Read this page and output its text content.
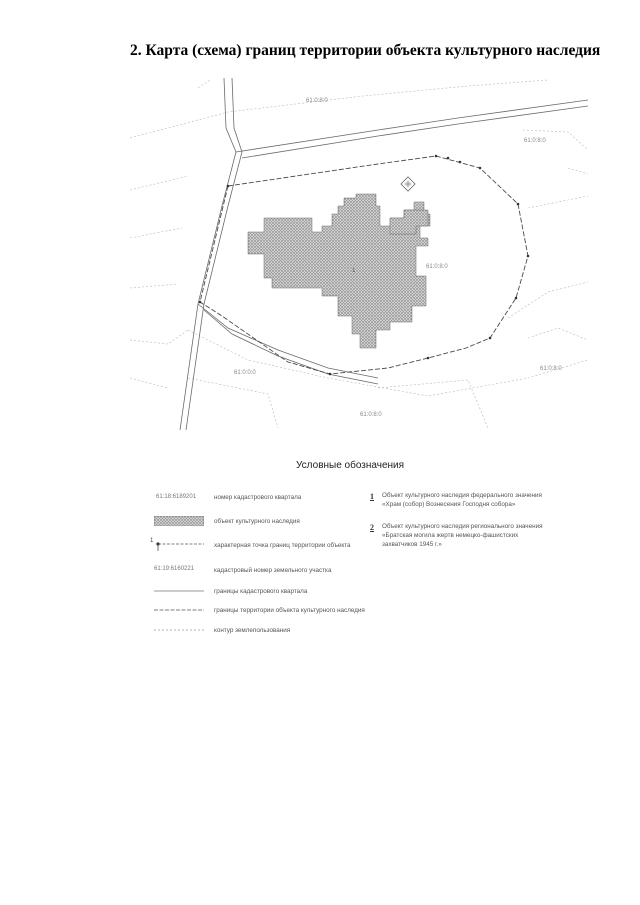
2. Карта (схема) границ территории объекта культурного наследия
61:0:8:0
61:0:8:0
61:0:0:0
61:0:8:0
61:0:8:0
61:0:8:0
1
Условные обозначения
61:18:6189201	номер кадастрового квартала
объект культурного наследия
1
характерная точка границ территории объекта
61:19:6160221	кадастровый номер земельного участка
границы кадастрового квартала
границы территории объекта культурного наследия
контур землепользования
1 Объект культурного наследия федерального значения
«Храм (собор) Вознесения Господня собора»
2 Объект культурного наследия регионального значения
«Братская могила жертв немецко-фашистских
захватчиков 1945 г.»
